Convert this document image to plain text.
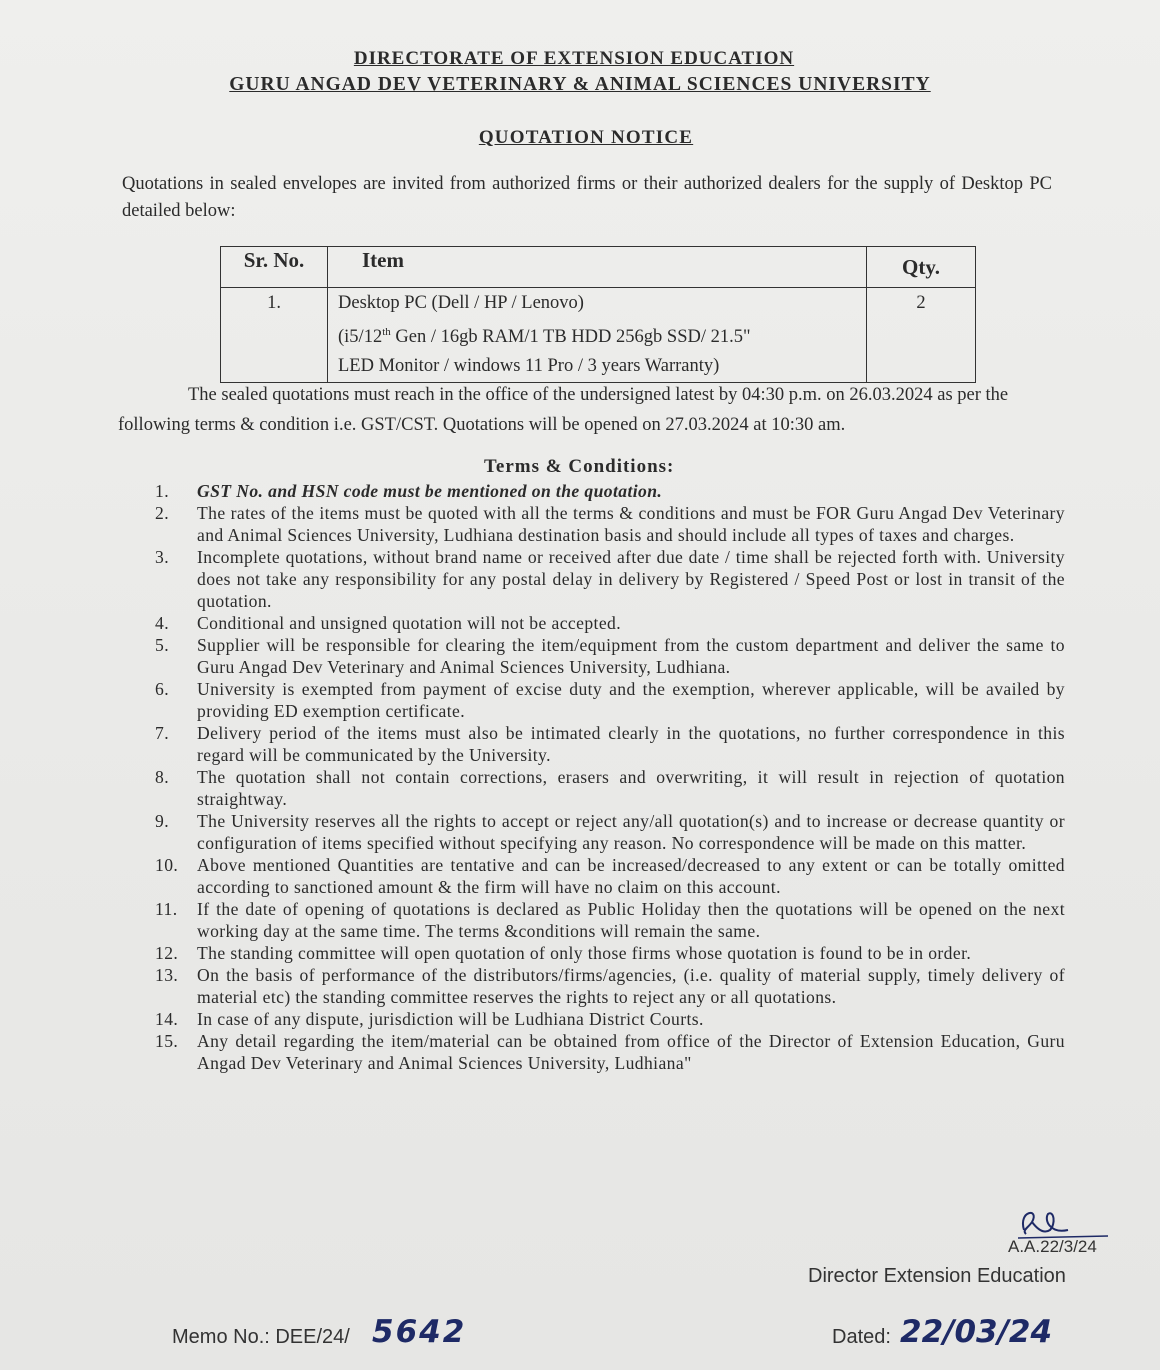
DIRECTORATE OF EXTENSION EDUCATION
GURU ANGAD DEV VETERINARY & ANIMAL SCIENCES UNIVERSITY
QUOTATION NOTICE
Quotations in sealed envelopes are invited from authorized firms or their authorized dealers for the supply of Desktop PC detailed below:
Sr. No.	Item	Qty.
1.	Desktop PC (Dell / HP / Lenovo)
(i5/12th Gen / 16gb RAM/1 TB HDD 256gb SSD/ 21.5"
LED Monitor / windows 11 Pro / 3 years Warranty)	2
The sealed quotations must reach in the office of the undersigned latest by 04:30 p.m. on 26.03.2024 as per the following terms & condition i.e. GST/CST. Quotations will be opened on 27.03.2024 at 10:30 am.
Terms & Conditions:
1.	GST No. and HSN code must be mentioned on the quotation.
2.	The rates of the items must be quoted with all the terms & conditions and must be FOR Guru Angad Dev Veterinary and Animal Sciences University, Ludhiana destination basis and should include all types of taxes and charges.
3.	Incomplete quotations, without brand name or received after due date / time shall be rejected forth with. University does not take any responsibility for any postal delay in delivery by Registered / Speed Post or lost in transit of the quotation.
4.	Conditional and unsigned quotation will not be accepted.
5.	Supplier will be responsible for clearing the item/equipment from the custom department and deliver the same to Guru Angad Dev Veterinary and Animal Sciences University, Ludhiana.
6.	University is exempted from payment of excise duty and the exemption, wherever applicable, will be availed by providing ED exemption certificate.
7.	Delivery period of the items must also be intimated clearly in the quotations, no further correspondence in this regard will be communicated by the University.
8.	The quotation shall not contain corrections, erasers and overwriting, it will result in rejection of quotation straightway.
9.	The University reserves all the rights to accept or reject any/all quotation(s) and to increase or decrease quantity or configuration of items specified without specifying any reason. No correspondence will be made on this matter.
10.	Above mentioned Quantities are tentative and can be increased/decreased to any extent or can be totally omitted according to sanctioned amount & the firm will have no claim on this account.
11.	If the date of opening of quotations is declared as Public Holiday then the quotations will be opened on the next working day at the same time. The terms &conditions will remain the same.
12.	The standing committee will open quotation of only those firms whose quotation is found to be in order.
13.	On the basis of performance of the distributors/firms/agencies, (i.e. quality of material supply, timely delivery of material etc) the standing committee reserves the rights to reject any or all quotations.
14.	In case of any dispute, jurisdiction will be Ludhiana District Courts.
15.	Any detail regarding the item/material can be obtained from office of the Director of Extension Education, Guru Angad Dev Veterinary and Animal Sciences University, Ludhiana"
A.A.22/3/24
Director Extension Education
Memo No.: DEE/24/ 5642	Dated: 22/03/24
